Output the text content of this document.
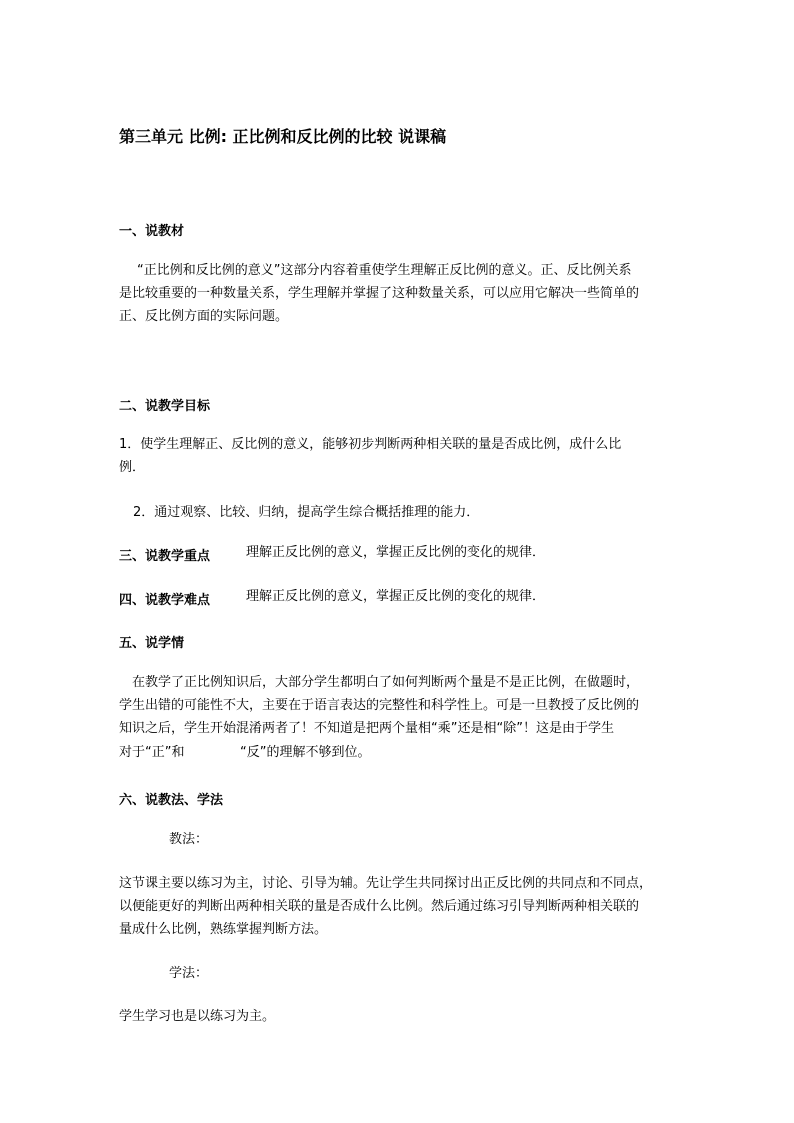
第三单元 比例: 正比例和反比例的比较 说课稿
一、说教材
“正比例和反比例的意义”这部分内容着重使学生理解正反比例的意义。正、反比例关系
是比较重要的一种数量关系，学生理解并掌握了这种数量关系，可以应用它解决一些简单的
正、反比例方面的实际问题。
二、说教学目标
1．使学生理解正、反比例的意义，能够初步判断两种相关联的量是否成比例，成什么比
例．
2．通过观察、比较、归纳，提高学生综合概括推理的能力．
三、说教学重点	理解正反比例的意义，掌握正反比例的变化的规律．
四、说教学难点	理解正反比例的意义，掌握正反比例的变化的规律．
五、说学情
在教学了正比例知识后，大部分学生都明白了如何判断两个量是不是正比例，在做题时，
学生出错的可能性不大，主要在于语言表达的完整性和科学性上。可是一旦教授了反比例的
知识之后，学生开始混淆两者了！不知道是把两个量相“乘”还是相“除”！这是由于学生
对于“正”和	“反”的理解不够到位。
六、说教法、学法
教法：
这节课主要以练习为主，讨论、引导为辅。先让学生共同探讨出正反比例的共同点和不同点，
以便能更好的判断出两种相关联的量是否成什么比例。然后通过练习引导判断两种相关联的
量成什么比例，熟练掌握判断方法。
学法：
学生学习也是以练习为主。
